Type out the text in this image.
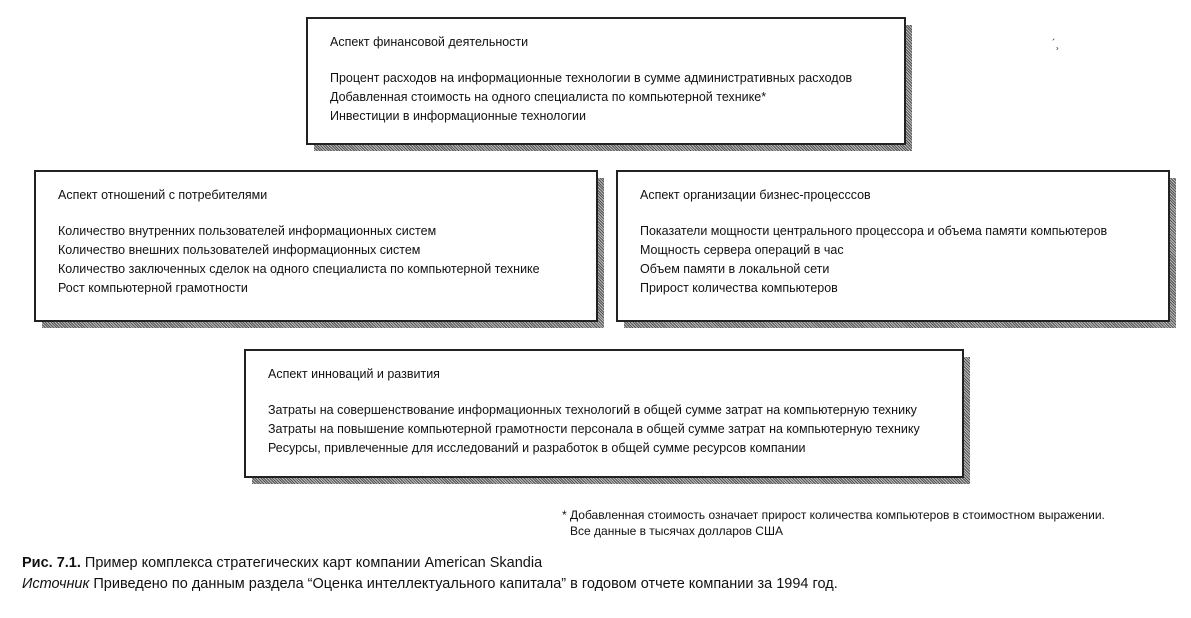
´¸
Аспект финансовой деятельности
Процент расходов на информационные технологии в сумме административных расходов
Добавленная стоимость на одного специалиста по компьютерной технике*
Инвестиции в информационные технологии
Аспект отношений с потребителями
Количество внутренних пользователей информационных систем
Количество внешних пользователей информационных систем
Количество заключенных сделок на одного специалиста по компьютерной технике
Рост компьютерной грамотности
Аспект организации бизнес-процесссов
Показатели мощности центрального процессора и объема памяти компьютеров
Мощность сервера операций в час
Объем памяти в локальной сети
Прирост количества компьютеров
Аспект инноваций и развития
Затраты на совершенствование информационных технологий в общей сумме затрат на компьютерную технику
Затраты на повышение компьютерной грамотности персонала в общей сумме затрат на компьютерную технику
Ресурсы, привлеченные для исследований и разработок в общей сумме ресурсов компании
* Добавленная стоимость означает прирост количества компьютеров в стоимостном выражении.
Все данные в тысячах долларов США
Рис. 7.1. Пример комплекса стратегических карт компании American Skandia
Источник Приведено по данным раздела “Оценка интеллектуального капитала” в годовом отчете компании за 1994 год.
